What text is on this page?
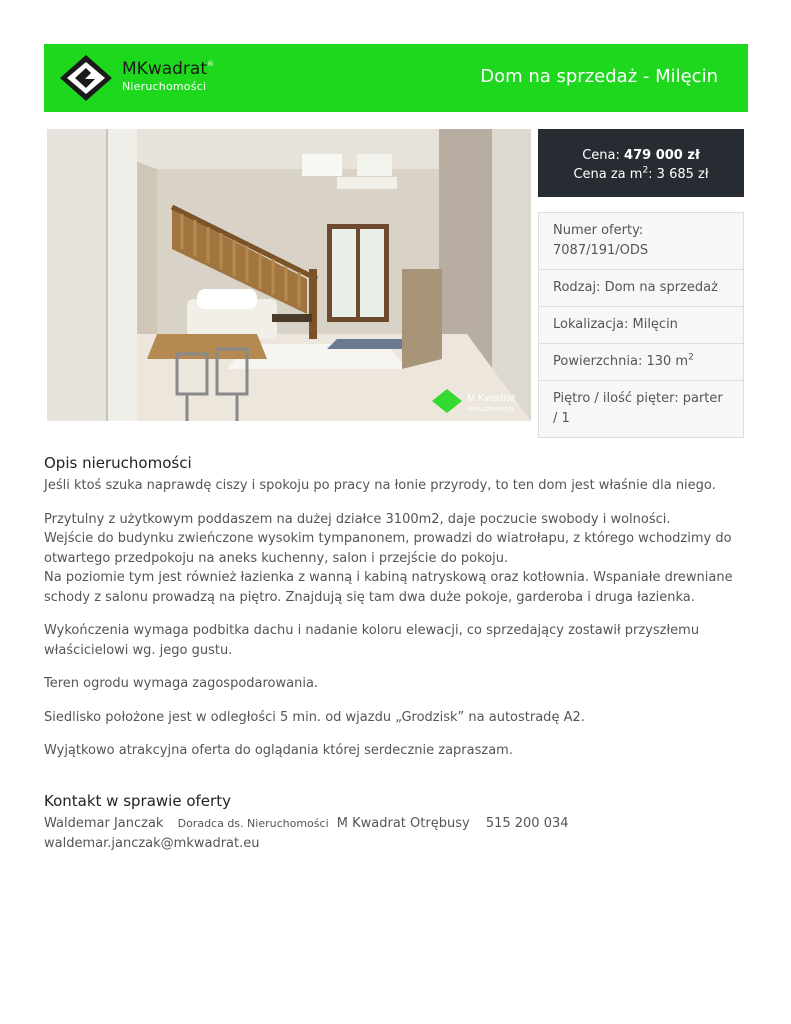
MKwadrat®
Nieruchomości	Dom na sprzedaż - Milęcin
M Kwadrat
Nieruchomości
Cena: 479 000 zł
Cena za $m^2$: 3 685 zł
Numer oferty: 7087/191/ODS
Rodzaj: Dom na sprzedaż
Lokalizacja: Milęcin
Powierzchnia: 130 $m^2$
Piętro / ilość pięter: parter / 1
Opis nieruchomości

Jeśli ktoś szuka naprawdę ciszy i spokoju po pracy na łonie przyrody, to ten dom jest właśnie dla niego.

Przytulny z użytkowym poddaszem na dużej działce 3100m2, daje poczucie swobody i wolności.
Wejście do budynku zwieńczone wysokim tympanonem, prowadzi do wiatrołapu, z którego wchodzimy do otwartego przedpokoju na aneks kuchenny, salon i przejście do pokoju.
Na poziomie tym jest również łazienka z wanną i kabiną natryskową oraz kotłownia. Wspaniałe drewniane schody z salonu prowadzą na piętro. Znajdują się tam dwa duże pokoje, garderoba i druga łazienka.

Wykończenia wymaga podbitka dachu i nadanie koloru elewacji, co sprzedający zostawił przyszłemu właścicielowi wg. jego gustu.

Teren ogrodu wymaga zagospodarowania.

Siedlisko położone jest w odległości 5 min. od wjazdu „Grodzisk” na autostradę A2.

Wyjątkowo atrakcyjna oferta do oglądania której serdecznie zapraszam.

Kontakt w sprawie oferty
Waldemar Janczak Doradca ds. Nieruchomości M Kwadrat Otrębusy 515 200 034
waldemar.janczak@mkwadrat.eu
